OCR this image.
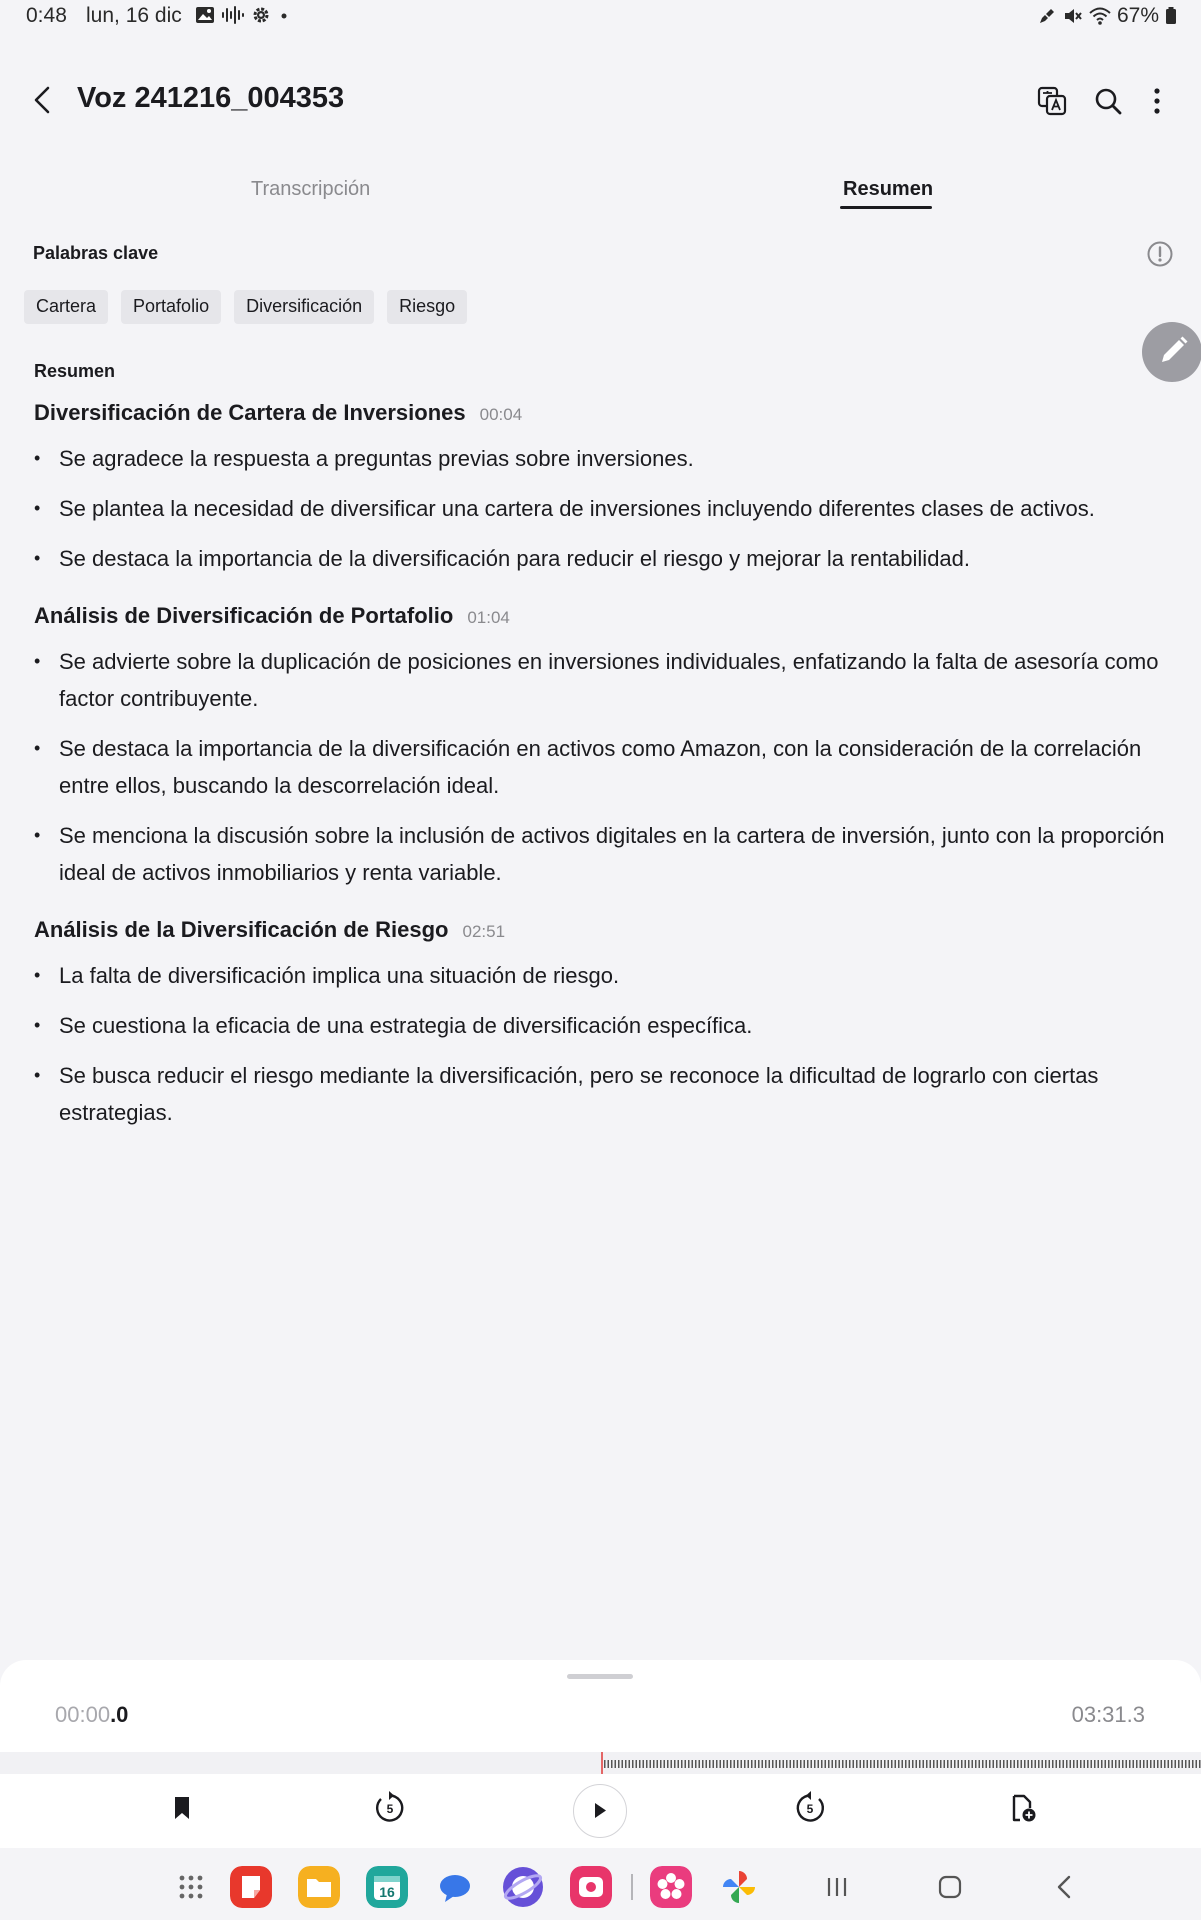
0:48 lun, 16 dic	67%
Voz 241216_004353
Transcripción	Resumen
Palabras clave
Cartera	Portafolio	Diversificación	Riesgo
Resumen
Diversificación de Cartera de Inversiones 00:04
• Se agradece la respuesta a preguntas previas sobre inversiones.
• Se plantea la necesidad de diversificar una cartera de inversiones incluyendo diferentes clases de activos.
• Se destaca la importancia de la diversificación para reducir el riesgo y mejorar la rentabilidad.
Análisis de Diversificación de Portafolio 01:04
• Se advierte sobre la duplicación de posiciones en inversiones individuales, enfatizando la falta de asesoría como factor contribuyente.
• Se destaca la importancia de la diversificación en activos como Amazon, con la consideración de la correlación entre ellos, buscando la descorrelación ideal.
• Se menciona la discusión sobre la inclusión de activos digitales en la cartera de inversión, junto con la proporción ideal de activos inmobiliarios y renta variable.
Análisis de la Diversificación de Riesgo 02:51
• La falta de diversificación implica una situación de riesgo.
• Se cuestiona la eficacia de una estrategia de diversificación específica.
• Se busca reducir el riesgo mediante la diversificación, pero se reconoce la dificultad de lograrlo con ciertas estrategias.
00:00.0	03:31.3
5	5
16
